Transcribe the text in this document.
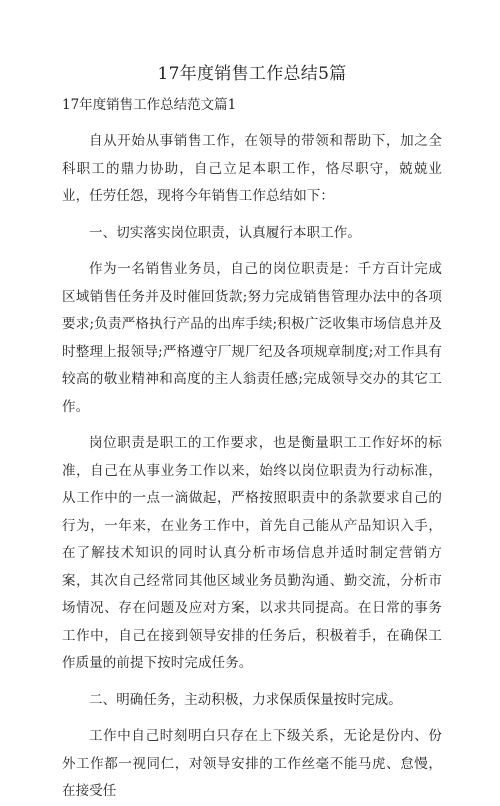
17年度销售工作总结5篇

17年度销售工作总结范文篇1

自从开始从事销售工作，在领导的带领和帮助下，加之全科职工的鼎力协助，自己立足本职工作，恪尽职守，兢兢业业，任劳任怨，现将今年销售工作总结如下：

一、切实落实岗位职责，认真履行本职工作。

作为一名销售业务员，自己的岗位职责是：千方百计完成区域销售任务并及时催回货款;努力完成销售管理办法中的各项要求;负责严格执行产品的出库手续;积极广泛收集市场信息并及时整理上报领导;严格遵守厂规厂纪及各项规章制度;对工作具有较高的敬业精神和高度的主人翁责任感;完成领导交办的其它工作。

岗位职责是职工的工作要求，也是衡量职工工作好坏的标准，自己在从事业务工作以来，始终以岗位职责为行动标准，从工作中的一点一滴做起，严格按照职责中的条款要求自己的行为，一年来，在业务工作中，首先自己能从产品知识入手，在了解技术知识的同时认真分析市场信息并适时制定营销方案，其次自己经常同其他区域业务员勤沟通、勤交流，分析市场情况、存在问题及应对方案，以求共同提高。在日常的事务工作中，自己在接到领导安排的任务后，积极着手，在确保工作质量的前提下按时完成任务。

二、明确任务，主动积极，力求保质保量按时完成。

工作中自己时刻明白只存在上下级关系，无论是份内、份外工作都一视同仁，对领导安排的工作丝毫不能马虎、怠慢，在接受任
